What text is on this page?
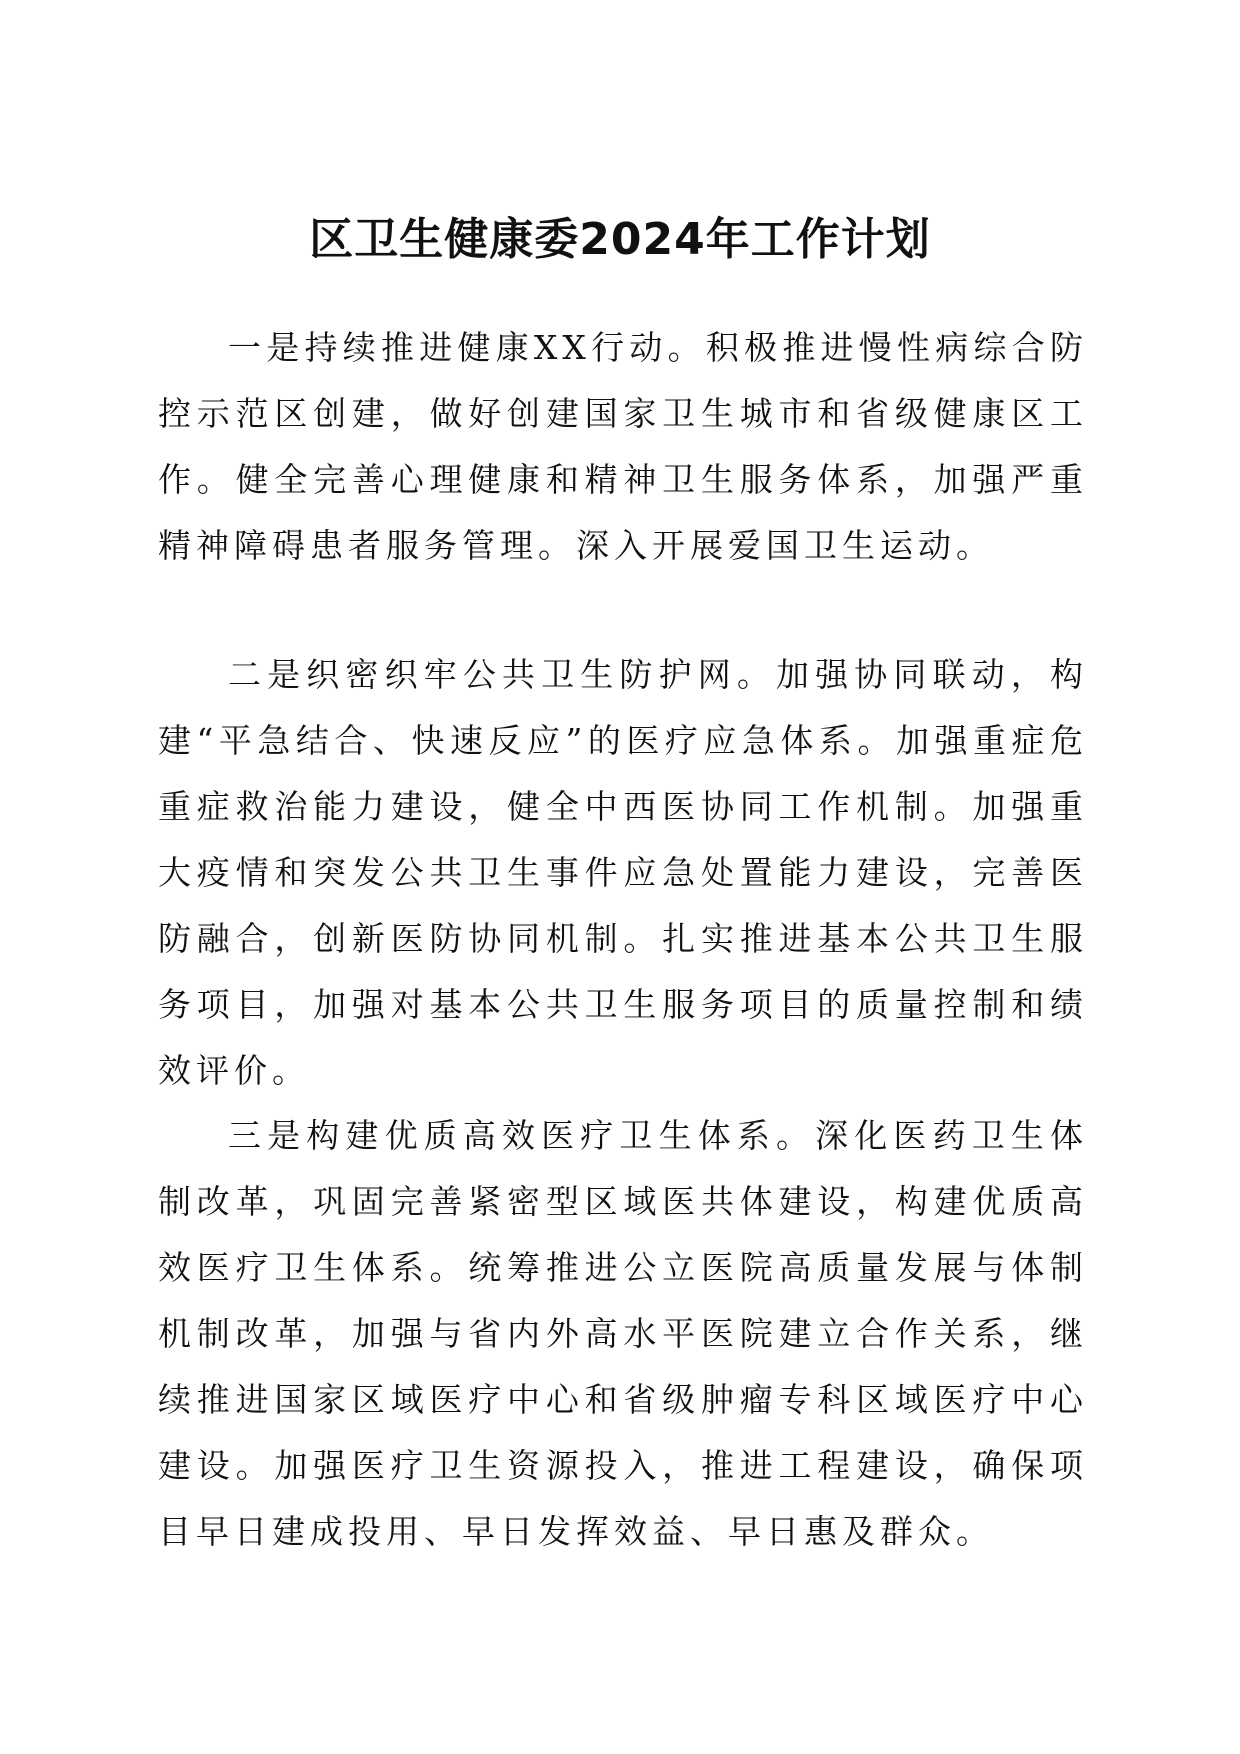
区卫生健康委2024年工作计划

一是持续推进健康XX行动。积极推进慢性病综合防控示范区创建，做好创建国家卫生城市和省级健康区工作。健全完善心理健康和精神卫生服务体系，加强严重精神障碍患者服务管理。深入开展爱国卫生运动。

二是织密织牢公共卫生防护网。加强协同联动，构建“平急结合、快速反应”的医疗应急体系。加强重症危重症救治能力建设，健全中西医协同工作机制。加强重大疫情和突发公共卫生事件应急处置能力建设，完善医防融合，创新医防协同机制。扎实推进基本公共卫生服务项目，加强对基本公共卫生服务项目的质量控制和绩效评价。

三是构建优质高效医疗卫生体系。深化医药卫生体制改革，巩固完善紧密型区域医共体建设，构建优质高效医疗卫生体系。统筹推进公立医院高质量发展与体制机制改革，加强与省内外高水平医院建立合作关系，继续推进国家区域医疗中心和省级肿瘤专科区域医疗中心建设。加强医疗卫生资源投入，推进工程建设，确保项目早日建成投用、早日发挥效益、早日惠及群众。
